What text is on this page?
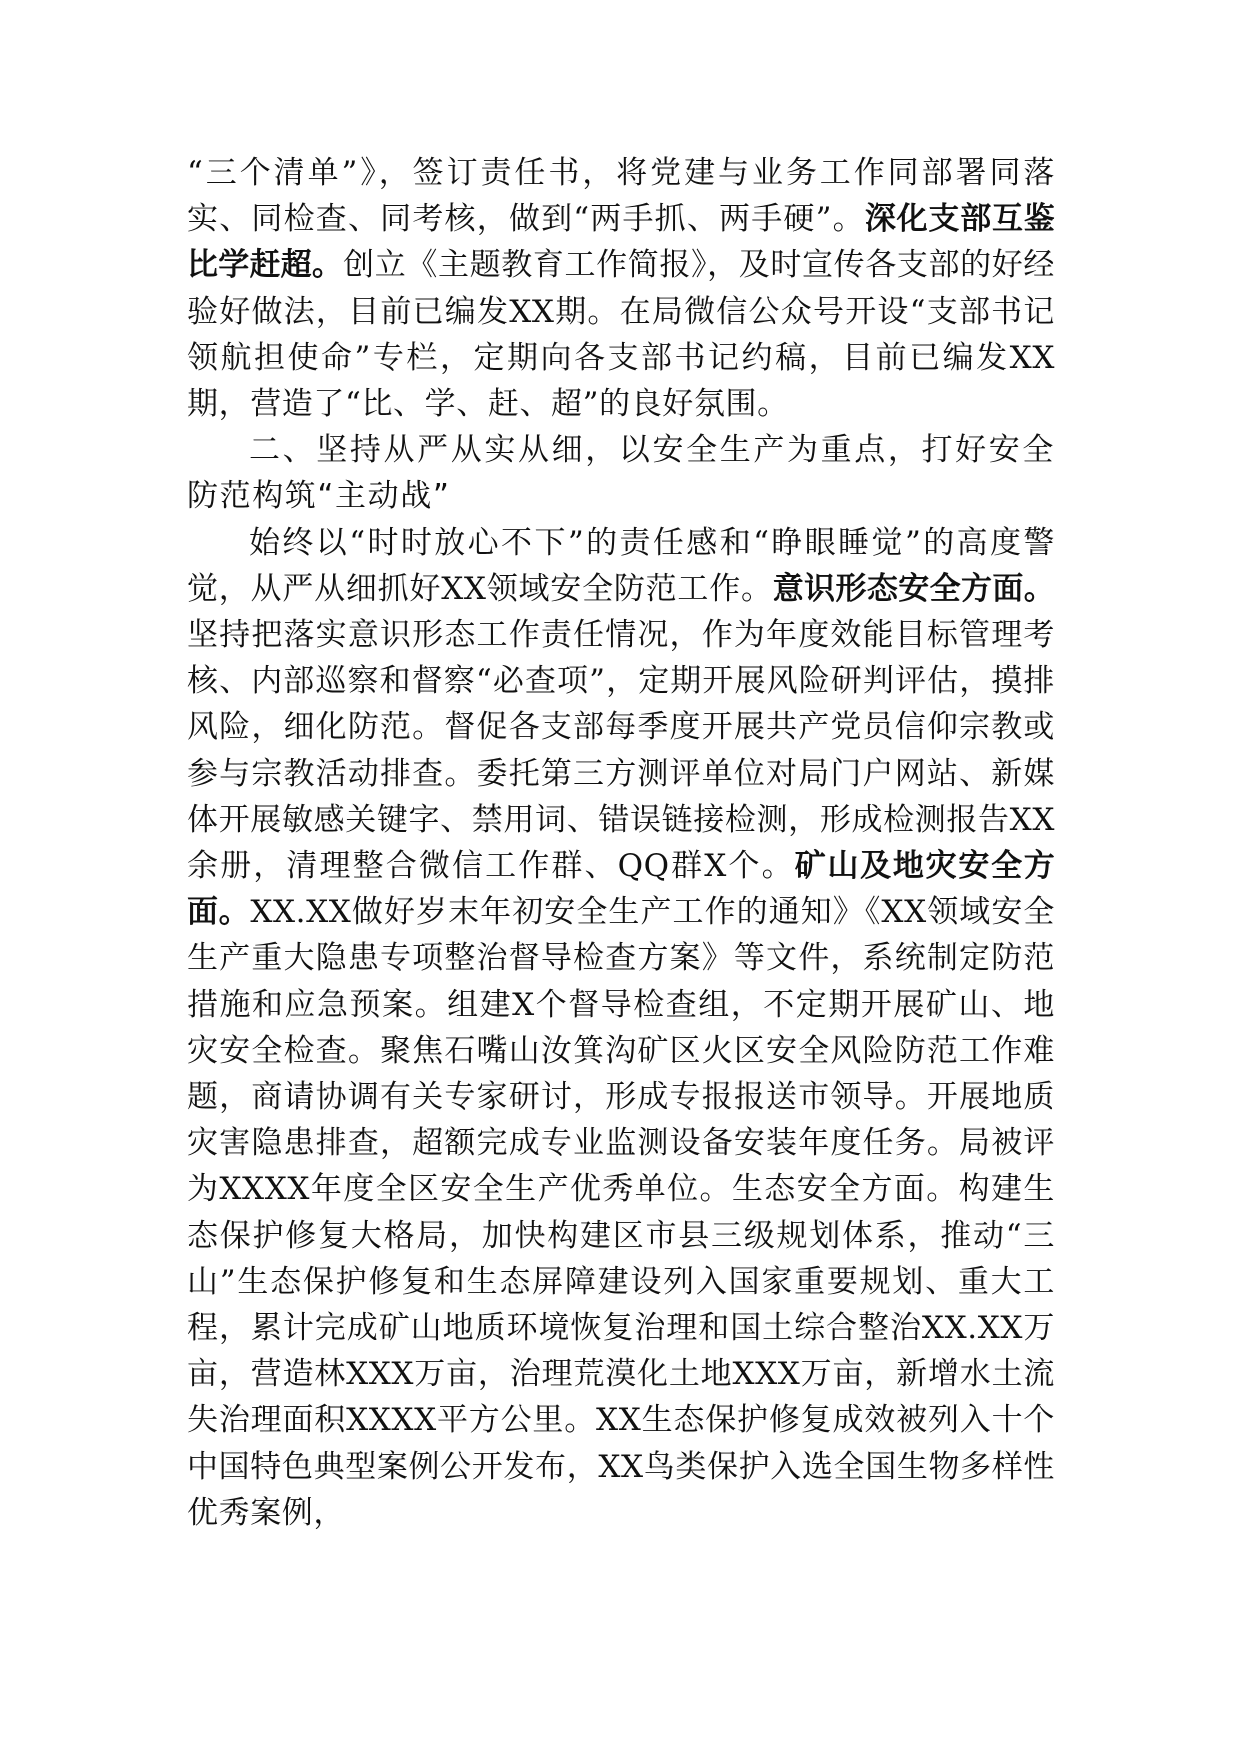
“三个清单”》，签订责任书，将党建与业务工作同部署同落实、同检查、同考核，做到“两手抓、两手硬”。深化支部互鉴比学赶超。创立《主题教育工作简报》，及时宣传各支部的好经验好做法，目前已编发XX期。在局微信公众号开设“支部书记领航担使命”专栏，定期向各支部书记约稿，目前已编发XX期，营造了“比、学、赶、超”的良好氛围。

二、坚持从严从实从细，以安全生产为重点，打好安全防范构筑“主动战”

始终以“时时放心不下”的责任感和“睁眼睡觉”的高度警觉，从严从细抓好XX领域安全防范工作。意识形态安全方面。坚持把落实意识形态工作责任情况，作为年度效能目标管理考核、内部巡察和督察“必查项”，定期开展风险研判评估，摸排风险，细化防范。督促各支部每季度开展共产党员信仰宗教或参与宗教活动排查。委托第三方测评单位对局门户网站、新媒体开展敏感关键字、禁用词、错误链接检测，形成检测报告XX余册，清理整合微信工作群、QQ群X个。矿山及地灾安全方面。XX.XX做好岁末年初安全生产工作的通知》《XX领域安全生产重大隐患专项整治督导检查方案》等文件，系统制定防范措施和应急预案。组建X个督导检查组，不定期开展矿山、地灾安全检查。聚焦石嘴山汝箕沟矿区火区安全风险防范工作难题，商请协调有关专家研讨，形成专报报送市领导。开展地质灾害隐患排查，超额完成专业监测设备安装年度任务。局被评为XXXX年度全区安全生产优秀单位。生态安全方面。构建生态保护修复大格局，加快构建区市县三级规划体系，推动“三山”生态保护修复和生态屏障建设列入国家重要规划、重大工程，累计完成矿山地质环境恢复治理和国土综合整治XX.XX万亩，营造林XXX万亩，治理荒漠化土地XXX万亩，新增水土流失治理面积XXXX平方公里。XX生态保护修复成效被列入十个中国特色典型案例公开发布，XX鸟类保护入选全国生物多样性优秀案例，
